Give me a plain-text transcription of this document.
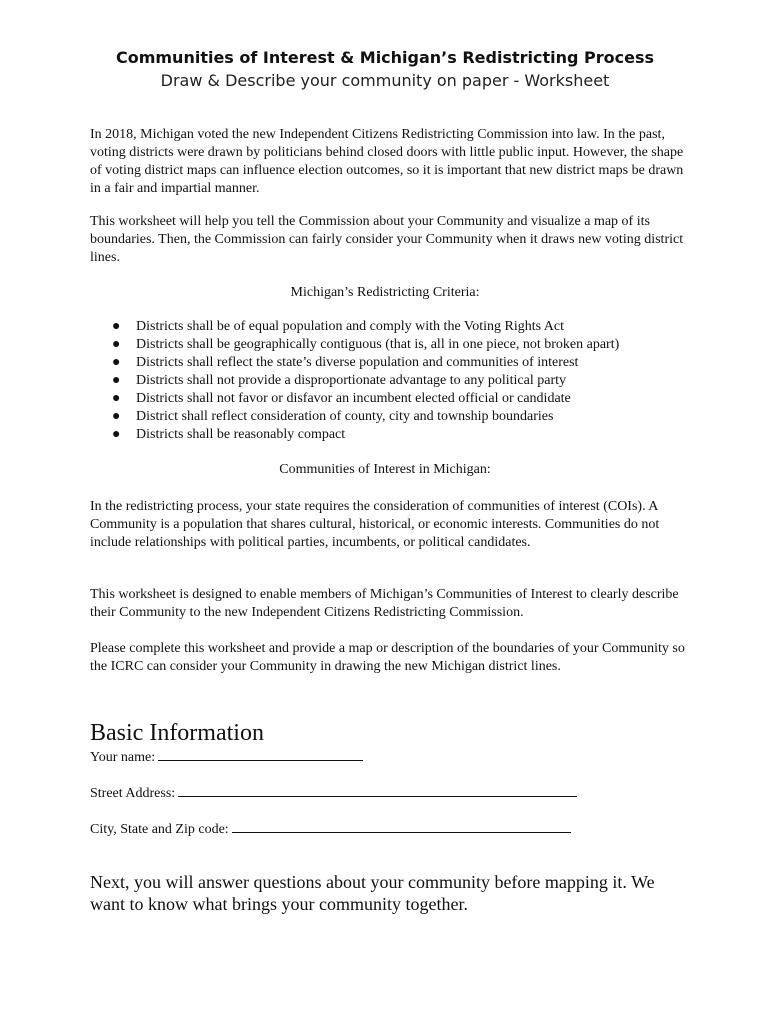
Communities of Interest & Michigan’s Redistricting Process
Draw & Describe your community on paper - Worksheet

In 2018, Michigan voted the new Independent Citizens Redistricting Commission into law. In the past, voting districts were drawn by politicians behind closed doors with little public input. However, the shape of voting district maps can influence election outcomes, so it is important that new district maps be drawn in a fair and impartial manner.

This worksheet will help you tell the Commission about your Community and visualize a map of its boundaries. Then, the Commission can fairly consider your Community when it draws new voting district lines.

Michigan’s Redistricting Criteria:
● Districts shall be of equal population and comply with the Voting Rights Act
● Districts shall be geographically contiguous (that is, all in one piece, not broken apart)
● Districts shall reflect the state’s diverse population and communities of interest
● Districts shall not provide a disproportionate advantage to any political party
● Districts shall not favor or disfavor an incumbent elected official or candidate
● District shall reflect consideration of county, city and township boundaries
● Districts shall be reasonably compact
Communities of Interest in Michigan:

In the redistricting process, your state requires the consideration of communities of interest (COIs). A Community is a population that shares cultural, historical, or economic interests. Communities do not include relationships with political parties, incumbents, or political candidates.

This worksheet is designed to enable members of Michigan’s Communities of Interest to clearly describe their Community to the new Independent Citizens Redistricting Commission.

Please complete this worksheet and provide a map or description of the boundaries of your Community so the ICRC can consider your Community in drawing the new Michigan district lines.

Basic Information
Your name:
Street Address:
City, State and Zip code:

Next, you will answer questions about your community before mapping it. We want to know what brings your community together.
